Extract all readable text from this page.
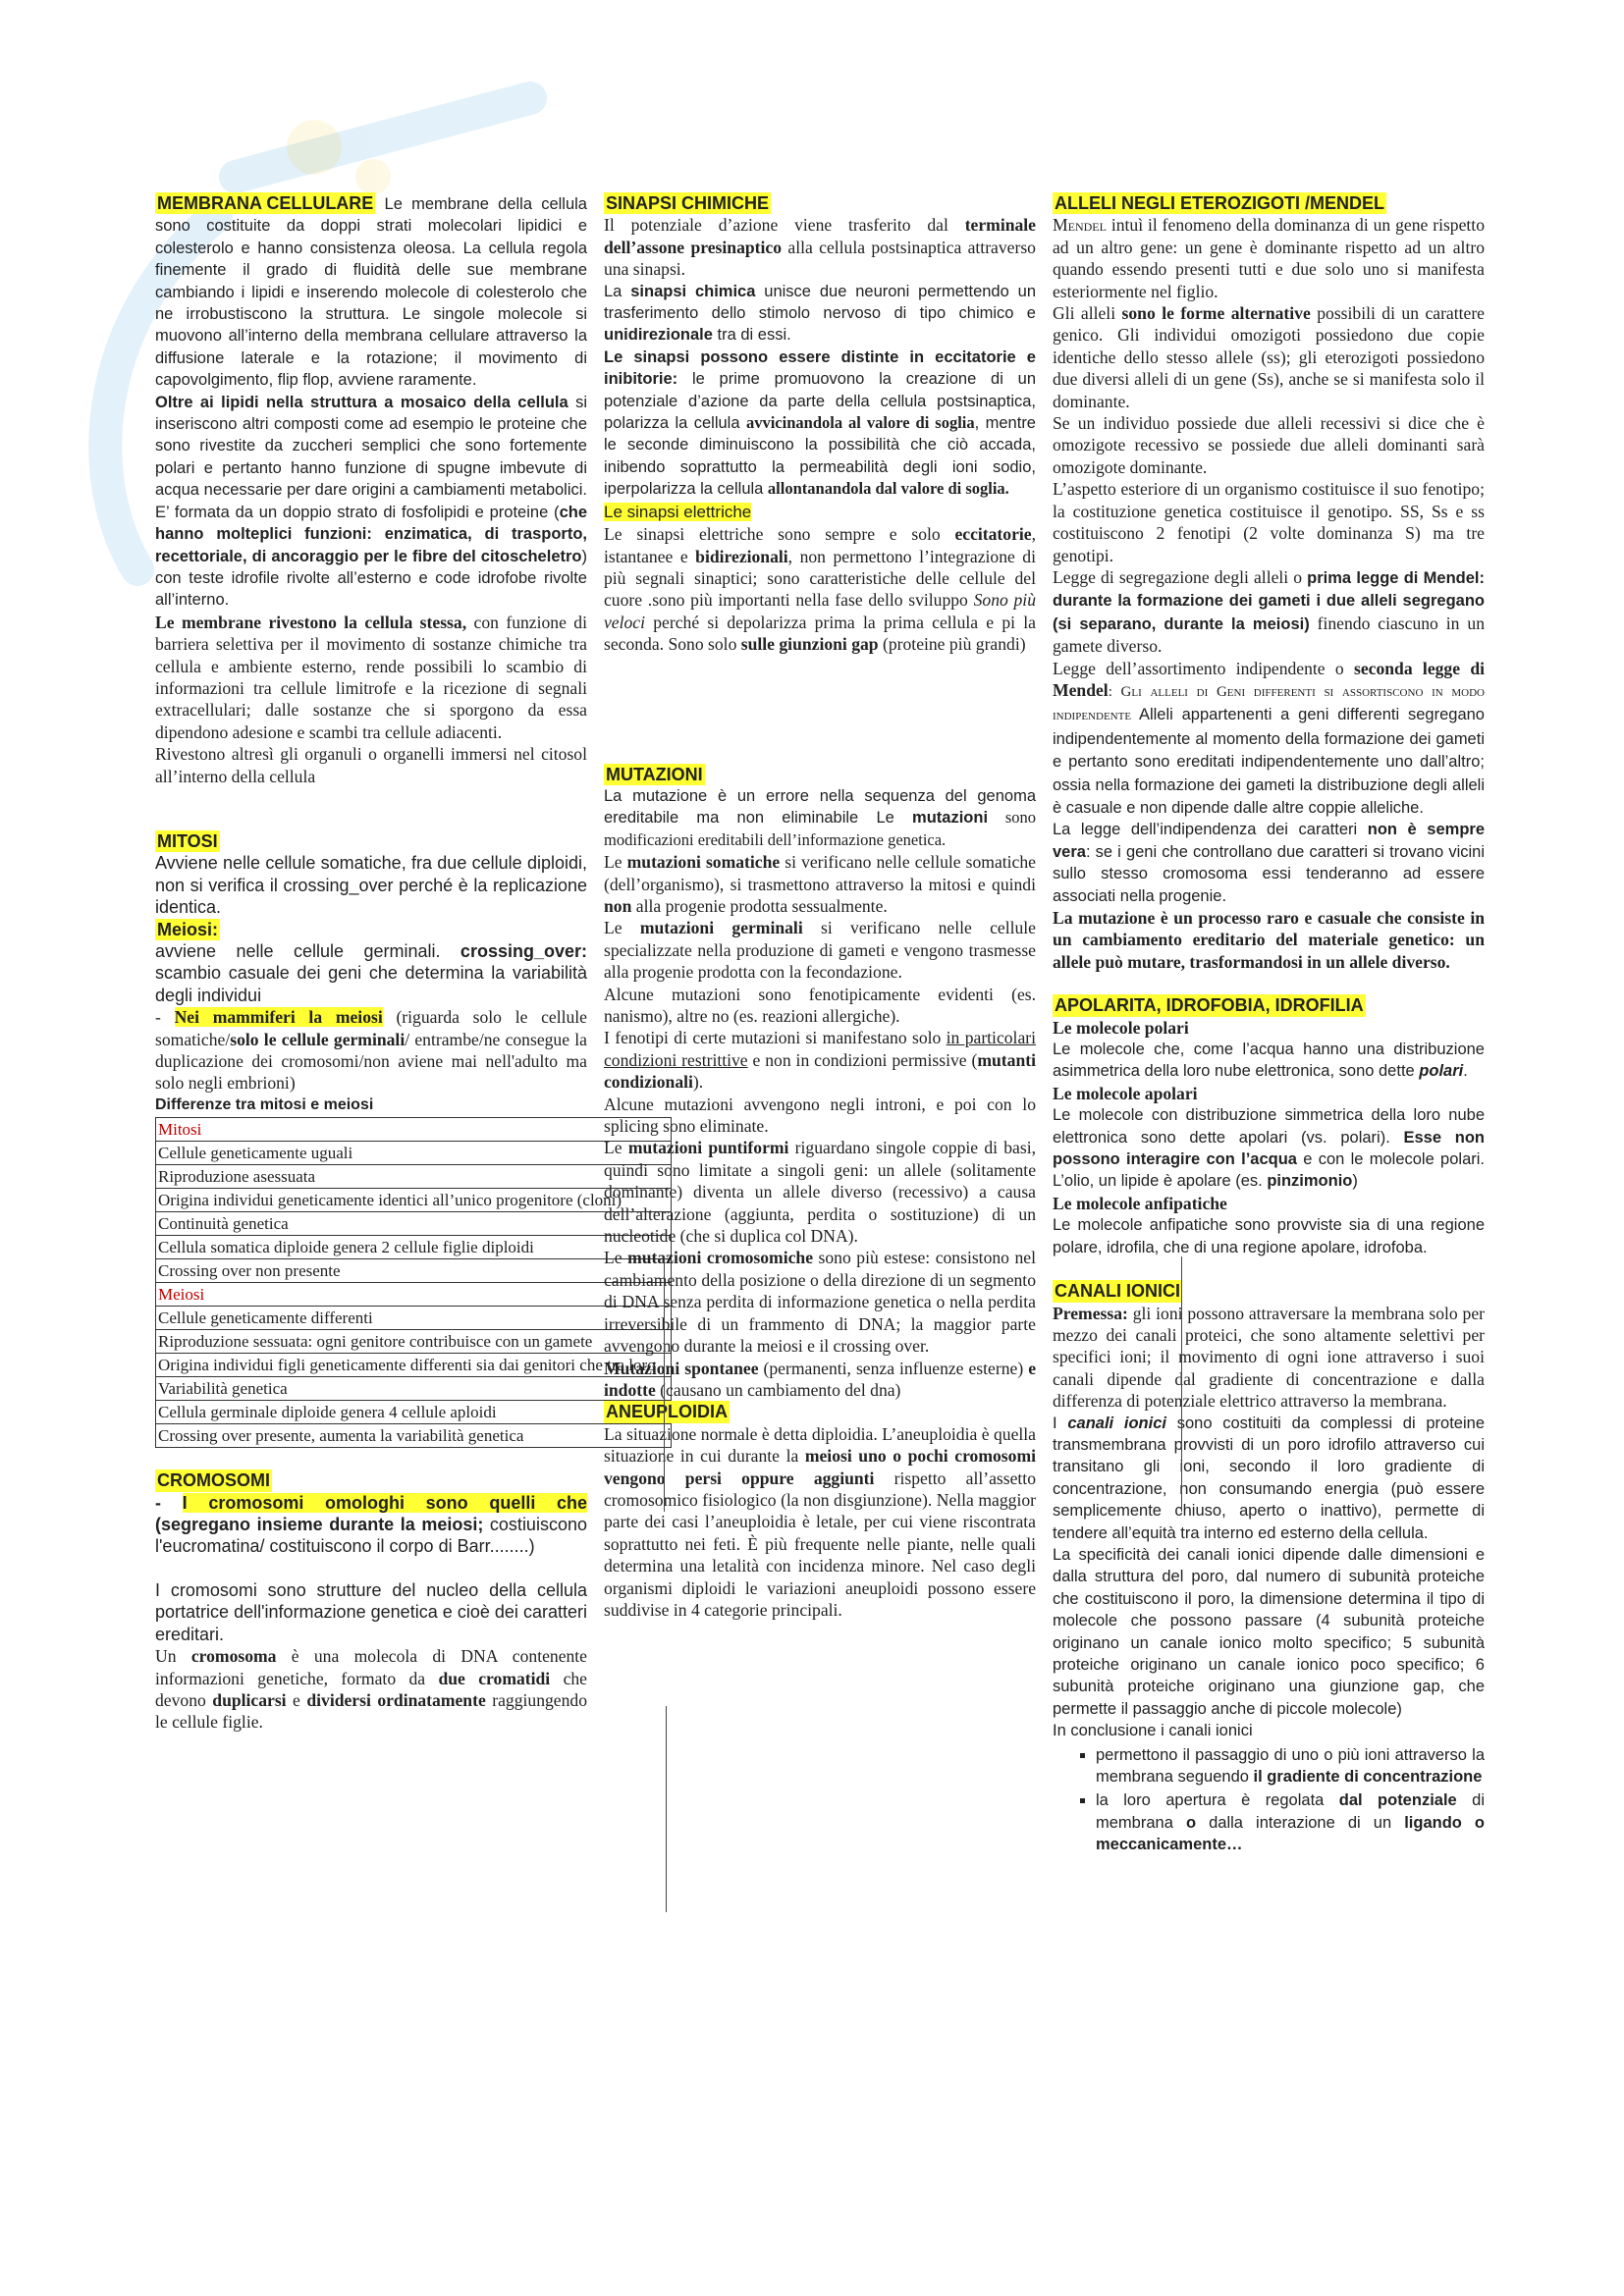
MEMBRANA CELLULARE Le membrane della cellula sono costituite da doppi strati molecolari lipidici e colesterolo e hanno consistenza oleosa. La cellula regola finemente il grado di fluidità delle sue membrane cambiando i lipidi e inserendo molecole di colesterolo che ne irrobustiscono la struttura. Le singole molecole si muovono all’interno della membrana cellulare attraverso la diffusione laterale e la rotazione; il movimento di capovolgimento, flip flop, avviene raramente.

Oltre ai lipidi nella struttura a mosaico della cellula si inseriscono altri composti come ad esempio le proteine che sono rivestite da zuccheri semplici che sono fortemente polari e pertanto hanno funzione di spugne imbevute di acqua necessarie per dare origini a cambiamenti metabolici. E’ formata da un doppio strato di fosfolipidi e proteine (che hanno molteplici funzioni: enzimatica, di trasporto, recettoriale, di ancoraggio per le fibre del citoscheletro) con teste idrofile rivolte all’esterno e code idrofobe rivolte all’interno.

Le membrane rivestono la cellula stessa, con funzione di barriera selettiva per il movimento di sostanze chimiche tra cellula e ambiente esterno, rende possibili lo scambio di informazioni tra cellule limitrofe e la ricezione di segnali extracellulari; dalle sostanze che si sporgono da essa dipendono adesione e scambi tra cellule adiacenti.

Rivestono altresì gli organuli o organelli immersi nel citosol all’interno della cellula

MITOSI

Avviene nelle cellule somatiche, fra due cellule diploidi, non si verifica il crossing_over perché è la replicazione identica.

Meiosi:

avviene nelle cellule germinali. crossing_over: scambio casuale dei geni che determina la variabilità degli individui

- Nei mammiferi la meiosi (riguarda solo le cellule somatiche/solo le cellule germinali/ entrambe/ne consegue la duplicazione dei cromosomi/non aviene mai nell'adulto ma solo negli embrioni)

Differenze tra mitosi e meiosi

Mitosi
Cellule geneticamente uguali
Riproduzione asessuata
Origina individui geneticamente identici all’unico progenitore (cloni)
Continuità genetica
Cellula somatica diploide genera 2 cellule figlie diploidi
Crossing over non presente
Meiosi
Cellule geneticamente differenti
Riproduzione sessuata: ogni genitore contribuisce con un gamete
Origina individui figli geneticamente differenti sia dai genitori che tra loro
Variabilità genetica
Cellula germinale diploide genera 4 cellule aploidi
Crossing over presente, aumenta la variabilità genetica

CROMOSOMI

- I cromosomi omologhi sono quelli che (segregano insieme durante la meiosi; costiuiscono l'eucromatina/ costituiscono il corpo di Barr........)

I cromosomi sono strutture del nucleo della cellula portatrice dell'informazione genetica e cioè dei caratteri ereditari.

Un cromosoma è una molecola di DNA contenente informazioni genetiche, formato da due cromatidi che devono duplicarsi e dividersi ordinatamente raggiungendo le cellule figlie.

SINAPSI CHIMICHE

Il potenziale d’azione viene trasferito dal terminale dell’assone presinaptico alla cellula postsinaptica attraverso una sinapsi.

La sinapsi chimica unisce due neuroni permettendo un trasferimento dello stimolo nervoso di tipo chimico e unidirezionale tra di essi.

Le sinapsi possono essere distinte in eccitatorie e inibitorie: le prime promuovono la creazione di un potenziale d’azione da parte della cellula postsinaptica, polarizza la cellula avvicinandola al valore di soglia, mentre le seconde diminuiscono la possibilità che ciò accada, inibendo soprattutto la permeabilità degli ioni sodio, iperpolarizza la cellula allontanandola dal valore di soglia.

Le sinapsi elettriche

Le sinapsi elettriche sono sempre e solo eccitatorie, istantanee e bidirezionali, non permettono l’integrazione di più segnali sinaptici; sono caratteristiche delle cellule del cuore .sono più importanti nella fase dello sviluppo Sono più veloci perché si depolarizza prima la prima cellula e pi la seconda. Sono solo sulle giunzioni gap (proteine più grandi)

MUTAZIONI

La mutazione è un errore nella sequenza del genoma ereditabile ma non eliminabile Le mutazioni sono modificazioni ereditabili dell’informazione genetica.

Le mutazioni somatiche si verificano nelle cellule somatiche (dell’organismo), si trasmettono attraverso la mitosi e quindi non alla progenie prodotta sessualmente.

Le mutazioni germinali si verificano nelle cellule specializzate nella produzione di gameti e vengono trasmesse alla progenie prodotta con la fecondazione.

Alcune mutazioni sono fenotipicamente evidenti (es. nanismo), altre no (es. reazioni allergiche).

I fenotipi di certe mutazioni si manifestano solo in particolari condizioni restrittive e non in condizioni permissive (mutanti condizionali).

Alcune mutazioni avvengono negli introni, e poi con lo splicing sono eliminate.

Le mutazioni puntiformi riguardano singole coppie di basi, quindi sono limitate a singoli geni: un allele (solitamente dominante) diventa un allele diverso (recessivo) a causa dell’alterazione (aggiunta, perdita o sostituzione) di un nucleotide (che si duplica col DNA).

Le mutazioni cromosomiche sono più estese: consistono nel cambiamento della posizione o della direzione di un segmento di DNA senza perdita di informazione genetica o nella perdita irreversibile di un frammento di DNA; la maggior parte avvengono durante la meiosi e il crossing over.

Mutazioni spontanee (permanenti, senza influenze esterne) e indotte (causano un cambiamento del dna)

ANEUPLOIDIA

La situazione normale è detta diploidia. L’aneuploidia è quella situazione in cui durante la meiosi uno o pochi cromosomi vengono persi oppure aggiunti rispetto all’assetto cromosomico fisiologico (la non disgiunzione). Nella maggior parte dei casi l’aneuploidia è letale, per cui viene riscontrata soprattutto nei feti. È più frequente nelle piante, nelle quali determina una letalità con incidenza minore. Nel caso degli organismi diploidi le variazioni aneuploidi possono essere suddivise in 4 categorie principali.

ALLELI NEGLI ETEROZIGOTI /MENDEL

Mendel intuì il fenomeno della dominanza di un gene rispetto ad un altro gene: un gene è dominante rispetto ad un altro quando essendo presenti tutti e due solo uno si manifesta esteriormente nel figlio.

Gli alleli sono le forme alternative possibili di un carattere genico. Gli individui omozigoti possiedono due copie identiche dello stesso allele (ss); gli eterozigoti possiedono due diversi alleli di un gene (Ss), anche se si manifesta solo il dominante.

Se un individuo possiede due alleli recessivi si dice che è omozigote recessivo se possiede due alleli dominanti sarà omozigote dominante.

L’aspetto esteriore di un organismo costituisce il suo fenotipo; la costituzione genetica costituisce il genotipo. SS, Ss e ss costituiscono 2 fenotipi (2 volte dominanza S) ma tre genotipi.

Legge di segregazione degli alleli o prima legge di Mendel: durante la formazione dei gameti i due alleli segregano (si separano, durante la meiosi) finendo ciascuno in un gamete diverso.

Legge dell’assortimento indipendente o seconda legge di Mendel: Gli alleli di Geni differenti si assortiscono in modo indipendente Alleli appartenenti a geni differenti segregano indipendentemente al momento della formazione dei gameti e pertanto sono ereditati indipendentemente uno dall’altro; ossia nella formazione dei gameti la distribuzione degli alleli è casuale e non dipende dalle altre coppie alleliche.

La legge dell’indipendenza dei caratteri non è sempre vera: se i geni che controllano due caratteri si trovano vicini sullo stesso cromosoma essi tenderanno ad essere associati nella progenie.

La mutazione è un processo raro e casuale che consiste in un cambiamento ereditario del materiale genetico: un allele può mutare, trasformandosi in un allele diverso.

APOLARITA, IDROFOBIA, IDROFILIA

Le molecole polari

Le molecole che, come l’acqua hanno una distribuzione asimmetrica della loro nube elettronica, sono dette polari.

Le molecole apolari

Le molecole con distribuzione simmetrica della loro nube elettronica sono dette apolari (vs. polari). Esse non possono interagire con l’acqua e con le molecole polari. L’olio, un lipide è apolare (es. pinzimonio)

Le molecole anfipatiche

Le molecole anfipatiche sono provviste sia di una regione polare, idrofila, che di una regione apolare, idrofoba.

CANALI IONICI

Premessa: gli ioni possono attraversare la membrana solo per mezzo dei canali proteici, che sono altamente selettivi per specifici ioni; il movimento di ogni ione attraverso i suoi canali dipende dal gradiente di concentrazione e dalla differenza di potenziale elettrico attraverso la membrana.

I canali ionici sono costituiti da complessi di proteine transmembrana provvisti di un poro idrofilo attraverso cui transitano gli ioni, secondo il loro gradiente di concentrazione, non consumando energia (può essere semplicemente chiuso, aperto o inattivo), permette di tendere all’equità tra interno ed esterno della cellula.

La specificità dei canali ionici dipende dalle dimensioni e dalla struttura del poro, dal numero di subunità proteiche che costituiscono il poro, la dimensione determina il tipo di molecole che possono passare (4 subunità proteiche originano un canale ionico molto specifico; 5 subunità proteiche originano un canale ionico poco specifico; 6 subunità proteiche originano una giunzione gap, che permette il passaggio anche di piccole molecole)

In conclusione i canali ionici

▪ permettono il passaggio di uno o più ioni attraverso la membrana seguendo il gradiente di concentrazione
▪ la loro apertura è regolata dal potenziale di membrana o dalla interazione di un ligando o meccanicamente…
